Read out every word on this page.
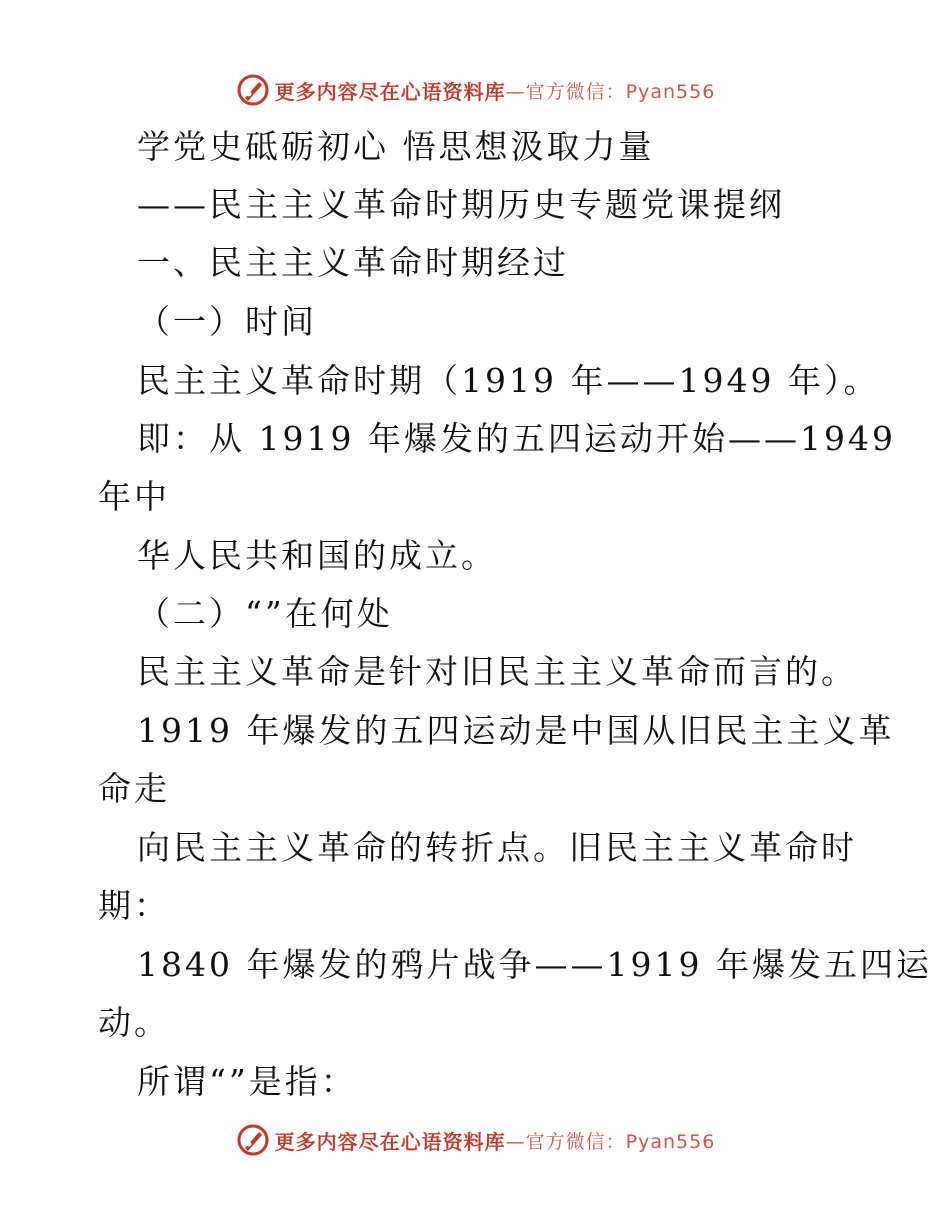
更多内容尽在心语资料库 —官方微信：Pyan556
学党史砥砺初心 悟思想汲取力量
——民主主义革命时期历史专题党课提纲
一、民主主义革命时期经过
（一）时间
民主主义革命时期（1919 年——1949 年）。
即：从 1919 年爆发的五四运动开始——1949
年中
华人民共和国的成立。
（二）“”在何处
民主主义革命是针对旧民主主义革命而言的。
1919 年爆发的五四运动是中国从旧民主主义革
命走
向民主主义革命的转折点。旧民主主义革命时
期：
1840 年爆发的鸦片战争——1919 年爆发五四运
动。
所谓“”是指：
更多内容尽在心语资料库 —官方微信：Pyan556
